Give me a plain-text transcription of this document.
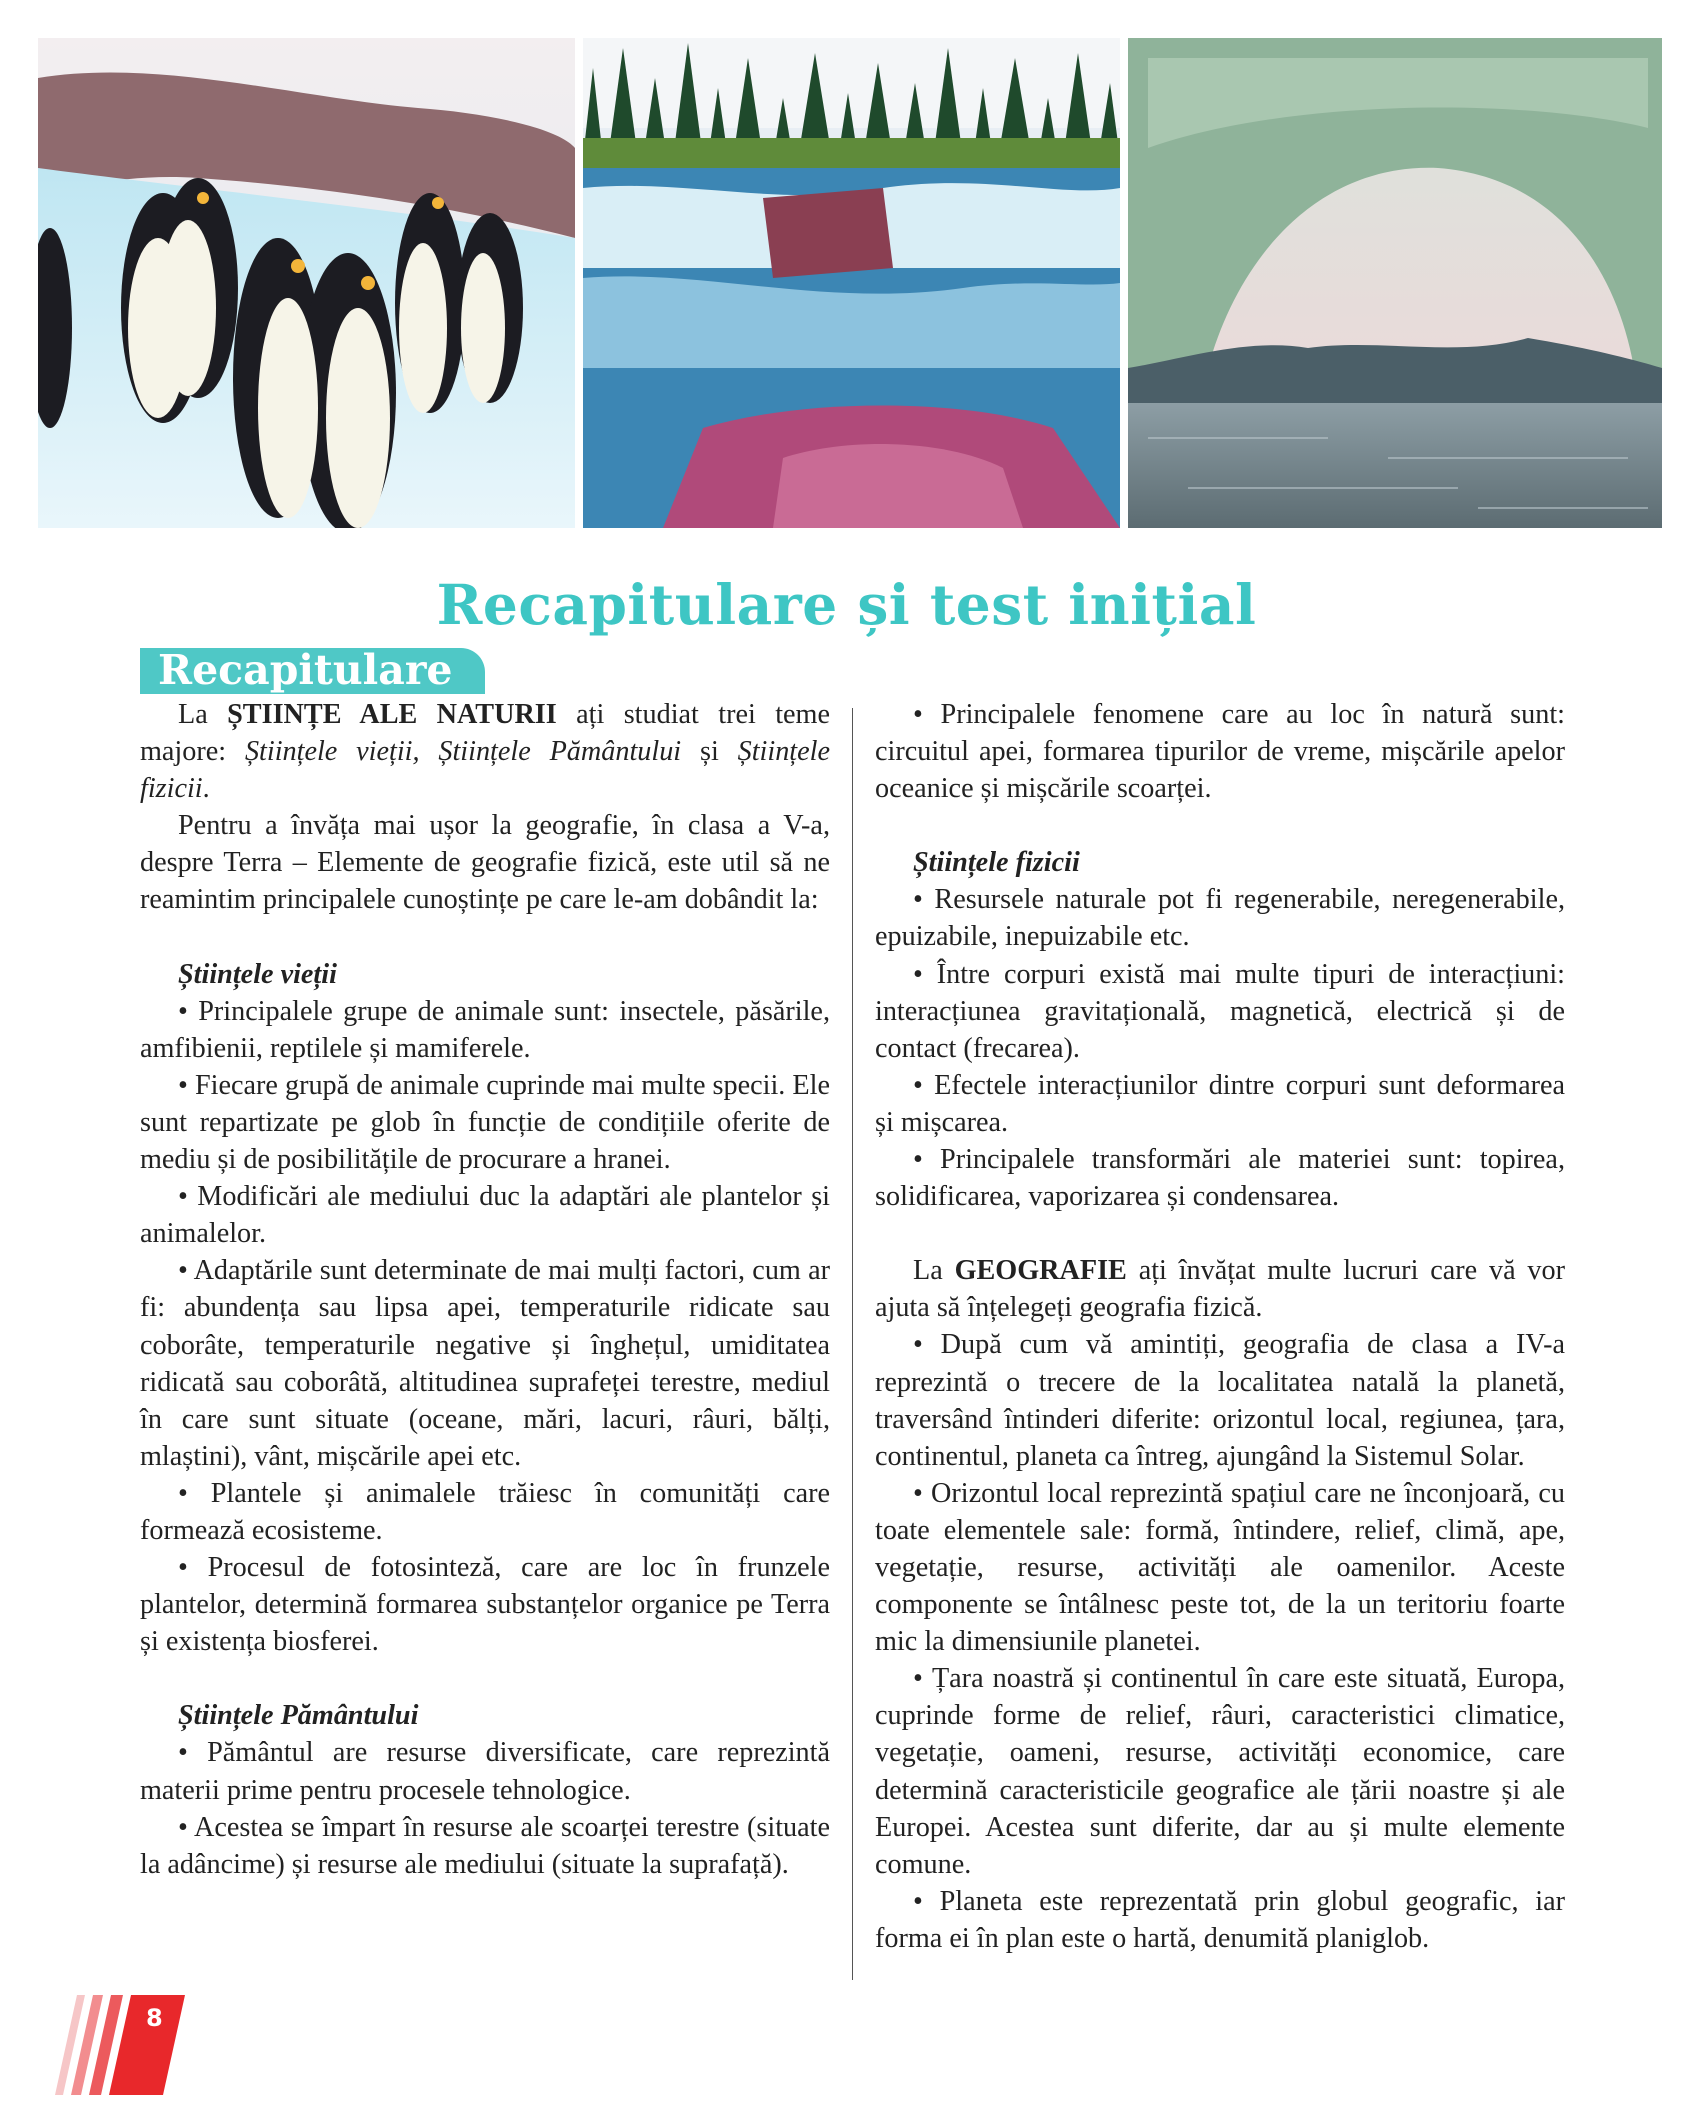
Recapitulare și test inițial
Recapitulare

La ȘTIINȚE ALE NATURII ați studiat trei teme majore: Științele vieții, Științele Pământului și Științele fizicii.

Pentru a învăța mai ușor la geografie, în clasa a V-a, despre Terra – Elemente de geografie fizică, este util să ne reamintim principalele cunoștințe pe care le-am dobândit la:

Științele vieții

• Principalele grupe de animale sunt: insectele, păsările, amfibienii, reptilele și mamiferele.

• Fiecare grupă de animale cuprinde mai multe specii. Ele sunt repartizate pe glob în funcție de condițiile oferite de mediu și de posibilitățile de procurare a hranei.

• Modificări ale mediului duc la adaptări ale plantelor și animalelor.

• Adaptările sunt determinate de mai mulți factori, cum ar fi: abundența sau lipsa apei, temperaturile ridicate sau coborâte, temperaturile negative și înghețul, umiditatea ridicată sau coborâtă, altitudinea suprafeței terestre, mediul în care sunt situate (oceane, mări, lacuri, râuri, bălți, mlaștini), vânt, mișcările apei etc.

• Plantele și animalele trăiesc în comunități care formează ecosisteme.

• Procesul de fotosinteză, care are loc în frunzele plantelor, determină formarea substanțelor organice pe Terra și existența biosferei.

Științele Pământului

• Pământul are resurse diversificate, care reprezintă materii prime pentru procesele tehnologice.

• Acestea se împart în resurse ale scoarței terestre (situate la adâncime) și resurse ale mediului (situate la suprafață).

• Principalele fenomene care au loc în natură sunt: circuitul apei, formarea tipurilor de vreme, mișcările apelor oceanice și mișcările scoarței.

Științele fizicii

• Resursele naturale pot fi regenerabile, neregenerabile, epuizabile, inepuizabile etc.

• Între corpuri există mai multe tipuri de interacțiuni: interacțiunea gravitațională, magnetică, electrică și de contact (frecarea).

• Efectele interacțiunilor dintre corpuri sunt deformarea și mișcarea.

• Principalele transformări ale materiei sunt: topirea, solidificarea, vaporizarea și condensarea.

La GEOGRAFIE ați învățat multe lucruri care vă vor ajuta să înțelegeți geografia fizică.

• După cum vă amintiți, geografia de clasa a IV-a reprezintă o trecere de la localitatea natală la planetă, traversând întinderi diferite: orizontul local, regiunea, țara, continentul, planeta ca întreg, ajungând la Sistemul Solar.

• Orizontul local reprezintă spațiul care ne înconjoară, cu toate elementele sale: formă, întindere, relief, climă, ape, vegetație, resurse, activități ale oamenilor. Aceste componente se întâlnesc peste tot, de la un teritoriu foarte mic la dimensiunile planetei.

• Țara noastră și continentul în care este situată, Europa, cuprinde forme de relief, râuri, caracteristici climatice, vegetație, oameni, resurse, activități economice, care determină caracteristicile geografice ale țării noastre și ale Europei. Acestea sunt diferite, dar au și multe elemente comune.

• Planeta este reprezentată prin globul geografic, iar forma ei în plan este o hartă, denumită planiglob.

8
